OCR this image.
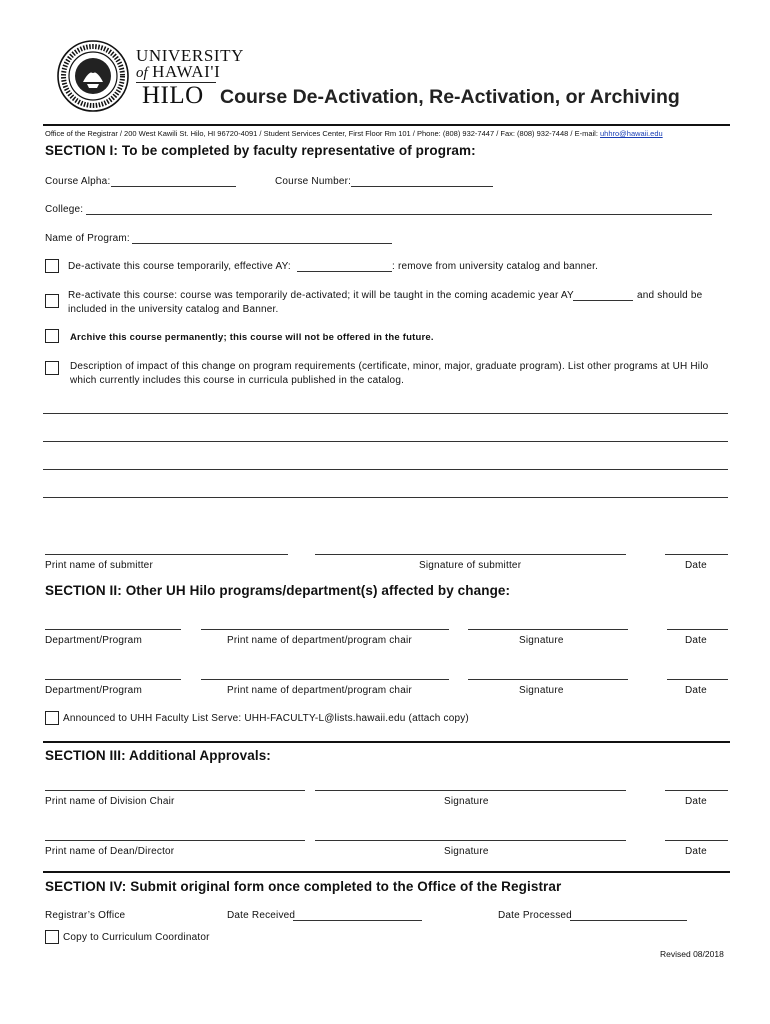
UNIVERSITY
of HAWAI'I
HILO Course De-Activation, Re-Activation, or Archiving
Office of the Registrar / 200 West Kawili St. Hilo, HI 96720-4091 / Student Services Center, First Floor Rm 101 / Phone: (808) 932-7447 / Fax: (808) 932-7448 / E-mail: uhhro@hawaii.edu
SECTION I: To be completed by faculty representative of program:
Course Alpha:	Course Number:
College:
Name of Program:
De-activate this course temporarily, effective AY:	: remove from university catalog and banner.
Re-activate this course: course was temporarily de-activated; it will be taught in the coming academic year AY	and should be
included in the university catalog and Banner.
Archive this course permanently; this course will not be offered in the future.
Description of impact of this change on program requirements (certificate, minor, major, graduate program). List other programs at UH Hilo
which currently includes this course in curricula published in the catalog.
Print name of submitter	Signature of submitter	Date
SECTION II: Other UH Hilo programs/department(s) affected by change:
Department/Program	Print name of department/program chair	Signature	Date
Department/Program	Print name of department/program chair	Signature	Date
Announced to UHH Faculty List Serve: UHH-FACULTY-L@lists.hawaii.edu (attach copy)
SECTION III: Additional Approvals:
Print name of Division Chair	Signature	Date
Print name of Dean/Director	Signature	Date
SECTION IV: Submit original form once completed to the Office of the Registrar
Registrar’s Office	Date Received	Date Processed
Copy to Curriculum Coordinator
Revised 08/2018
